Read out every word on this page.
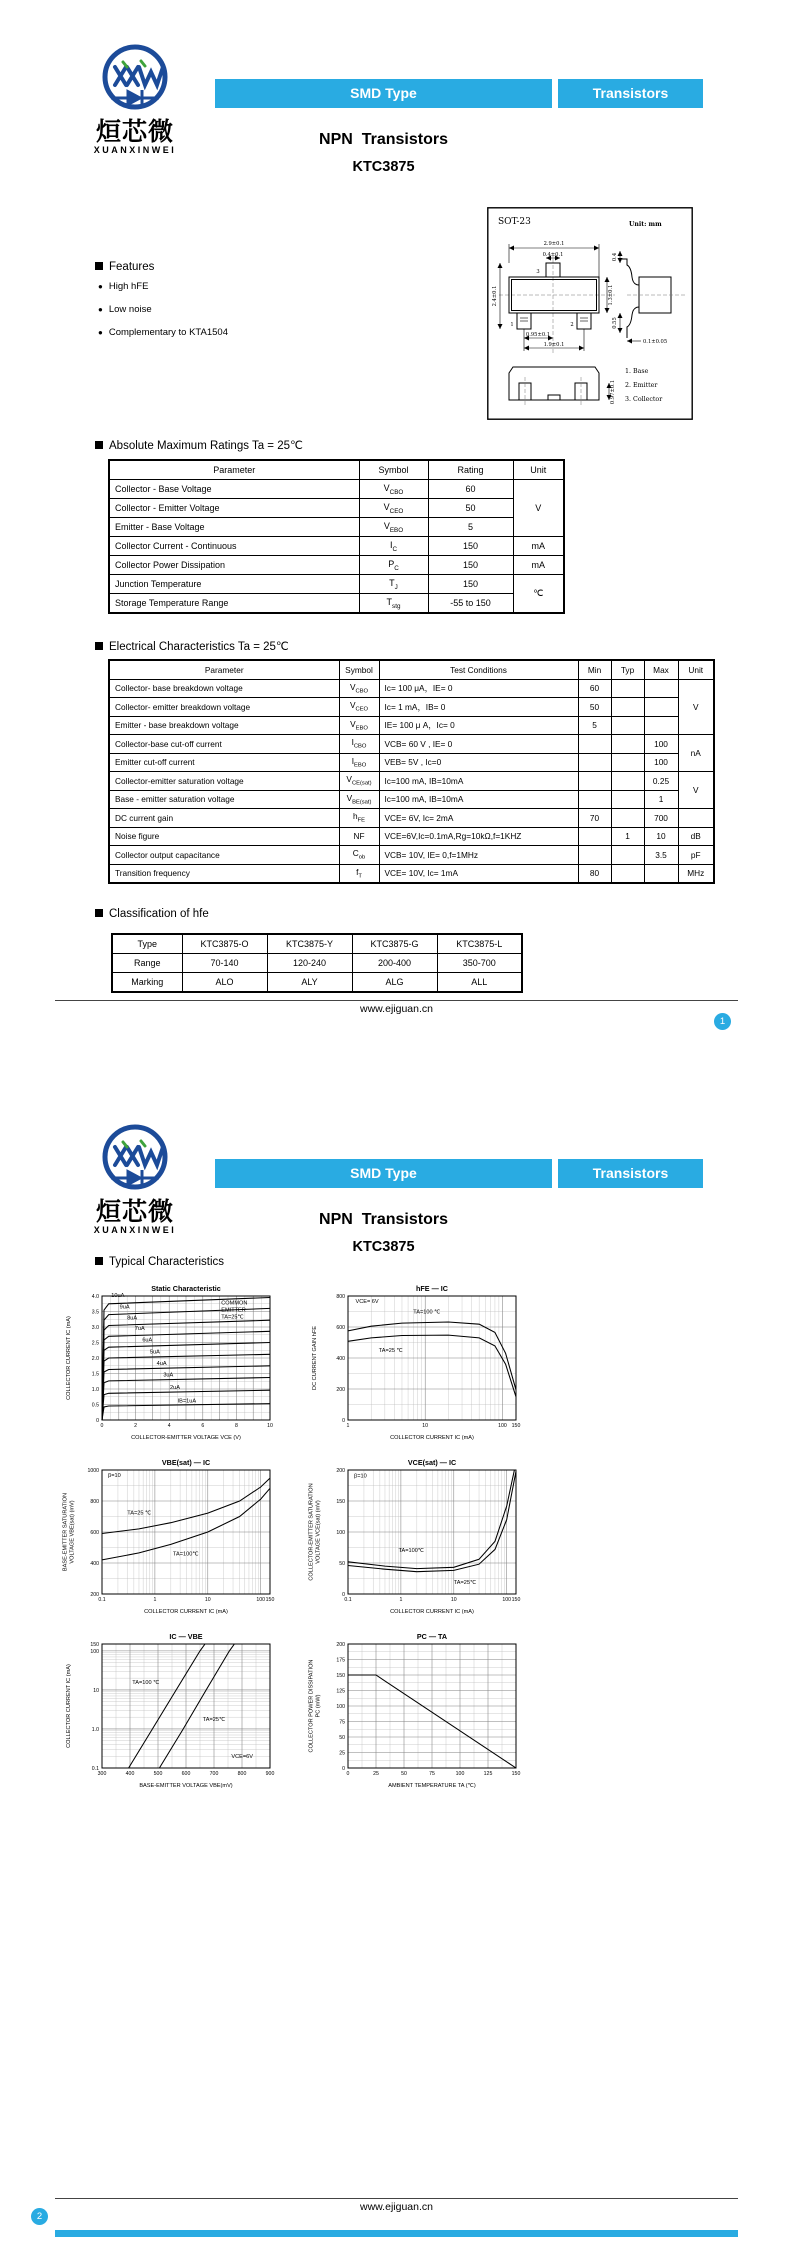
烜芯微
XUANXINWEI
SMD Type	Transistors
NPN  Transistors
KTC3875
Features
● High hFE
● Low noise
● Complementary to KTA1504
SOT-23	Unit: mm
2.9±0.1
0.4±0.1
3
1	2
1.3±0.1
2.4±0.1
0.95±0.1
1.9±0.1
0.4
0.55
0.1±0.05
0.97±0.1
1. Base
2. Emitter
3. Collector
Absolute Maximum Ratings Ta = 25℃
Parameter	Symbol	Rating	Unit
Collector - Base Voltage	$V_{CBO}$	60	V
Collector - Emitter Voltage	$V_{CEO}$	50	
Emitter - Base Voltage	$V_{EBO}$	5	
Collector Current - Continuous	$I_C$	150	mA
Collector Power Dissipation	$P_C$	150	mA
Junction Temperature	$T_J$	150	℃
Storage Temperature Range	$T_{stg}$	-55 to 150	
Electrical Characteristics Ta = 25℃
Parameter	Symbol	Test Conditions	Min	Typ	Max	Unit
Collector- base breakdown voltage	$V_{CBO}$	Ic= 100 μA，IE= 0	60			V
Collector- emitter breakdown voltage	$V_{CEO}$	Ic= 1 mA，IB= 0	50			
Emitter - base breakdown voltage	$V_{EBO}$	IE= 100 μ A，Ic= 0	5			
Collector-base cut-off current	$I_{CBO}$	VCB= 60 V , IE= 0			100	nA
Emitter cut-off current	$I_{EBO}$	VEB= 5V , Ic=0			100	
Collector-emitter saturation voltage	$V_{CE(sat)}$	Ic=100 mA, IB=10mA			0.25	V
Base - emitter saturation voltage	$V_{BE(sat)}$	Ic=100 mA, IB=10mA			1	
DC current gain	$h_{FE}$	VCE= 6V, Ic= 2mA	70		700	
Noise figure	NF	VCE=6V,Ic=0.1mA,Rg=10kΩ,f=1KHZ		1	10	dB
Collector output capacitance	$C_{ob}$	VCB= 10V, IE= 0,f=1MHz			3.5	pF
Transition frequency	$f_T$	VCE= 10V, Ic= 1mA	80			MHz
Classification of hfe
Type	KTC3875-O	KTC3875-Y	KTC3875-G	KTC3875-L
Range	70-140	120-240	200-400	350-700
Marking	ALO	ALY	ALG	ALL
www.ejiguan.cn
1
烜芯微
XUANXINWEI
SMD Type	Transistors
NPN  Transistors
KTC3875
Typical Characteristics
0	2	4	6	8	10
0
0.5
1.0
1.5
2.0
2.5
3.0
3.5
4.0
COLLECTOR-EMITTER VOLTAGE VCE (V)
COLLECTOR CURRENT IC (mA)
Static Characteristic
10uA
9uA
8uA
7uA
6uA
5uA
4uA
3uA
2uA
IB=1uA
COMMON
EMITTER
TA=25℃
1	10	100 150
0
200
400
600
800
COLLECTOR CURRENT IC (mA)
DC CURRENT GAIN hFE
hFE — IC
VCE= 6V
TA=100 ℃
TA=25 ℃
0.1	1	10	100 150
200
400
600
800
1000
COLLECTOR CURRENT IC (mA)
BASE-EMITTER SATURATION VOLTAGE VBE(sat) (mV)
VBE(sat) — IC
β=10
TA=25 ℃
TA=100℃
0.1	1	10	100 150
0
50
100
150
200
COLLECTOR CURRENT IC (mA)
COLLECTOR-EMITTER SATURATION VOLTAGE VCE(sat) (mV)
VCE(sat) — IC
β=10
TA=100℃
TA=25℃
300	400	500	600	700	800	900
0.1
1.0
10
100
150
BASE-EMITTER VOLTAGE VBE(mV)
COLLECTOR CURRENT IC (mA)
IC — VBE
TA=100 ℃
TA=25℃
VCE=6V
0	25	50	75	100	125	150
0
25
50
75
100
125
150
175
200
AMBIENT TEMPERATURE TA (℃)
COLLECTOR POWER DISSIPATION PC (mW)
PC — TA
www.ejiguan.cn
2
